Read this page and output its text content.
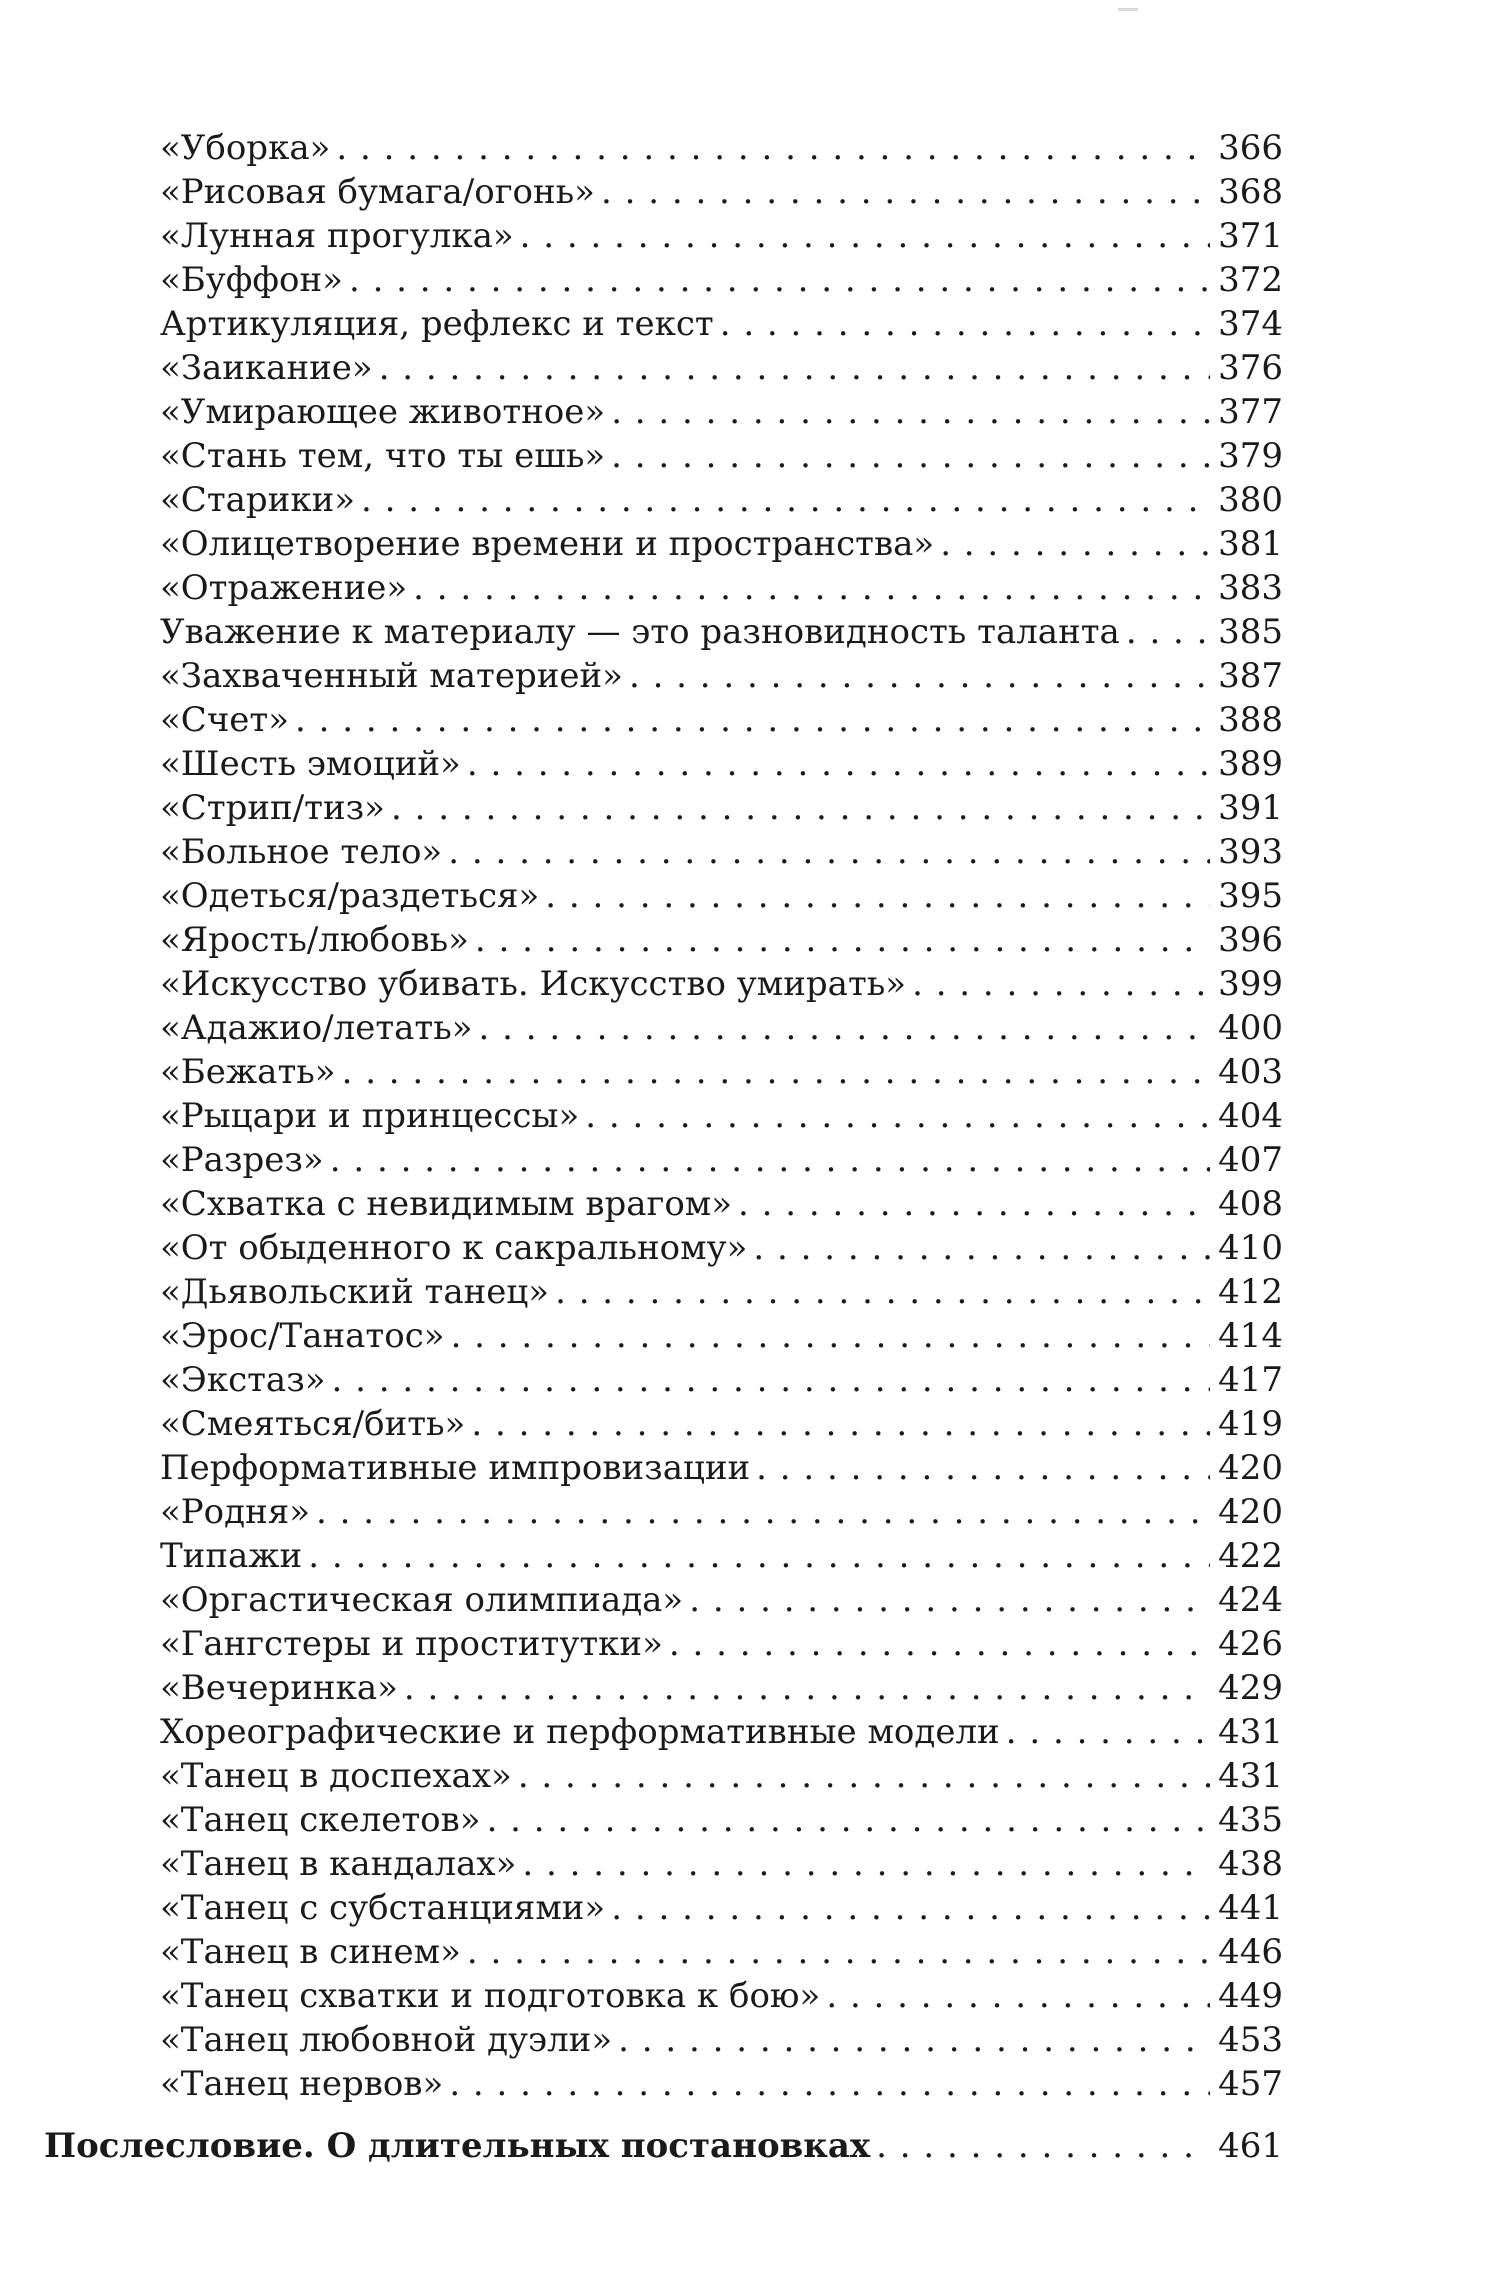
«Уборка» . . .	366
«Рисовая бумага/огонь» . . .	368
«Лунная прогулка» . . .	371
«Буффон» . . .	372
Артикуляция, рефлекс и текст . . .	374
«Заикание» . . .	376
«Умирающее животное» . . .	377
«Стань тем, что ты ешь» . . .	379
«Старики» . . .	380
«Олицетворение времени и пространства» . . .	381
«Отражение» . . .	383
Уважение к материалу — это разновидность таланта . . .	385
«Захваченный материей» . . .	387
«Счет» . . .	388
«Шесть эмоций» . . .	389
«Стрип/тиз» . . .	391
«Больное тело» . . .	393
«Одеться/раздеться» . . .	395
«Ярость/любовь» . . .	396
«Искусство убивать. Искусство умирать» . . .	399
«Адажио/летать» . . .	400
«Бежать» . . .	403
«Рыцари и принцессы» . . .	404
«Разрез» . . .	407
«Схватка с невидимым врагом» . . .	408
«От обыденного к сакральному» . . .	410
«Дьявольский танец» . . .	412
«Эрос/Танатос» . . .	414
«Экстаз» . . .	417
«Смеяться/бить» . . .	419
Перформативные импровизации . . .	420
«Родня» . . .	420
Типажи . . .	422
«Оргастическая олимпиада» . . .	424
«Гангстеры и проститутки» . . .	426
«Вечеринка» . . .	429
Хореографические и перформативные модели . . .	431
«Танец в доспехах» . . .	431
«Танец скелетов» . . .	435
«Танец в кандалах» . . .	438
«Танец с субстанциями» . . .	441
«Танец в синем» . . .	446
«Танец схватки и подготовка к бою» . . .	449
«Танец любовной дуэли» . . .	453
«Танец нервов» . . .	457
Послесловие. О длительных постановках . . .	461
